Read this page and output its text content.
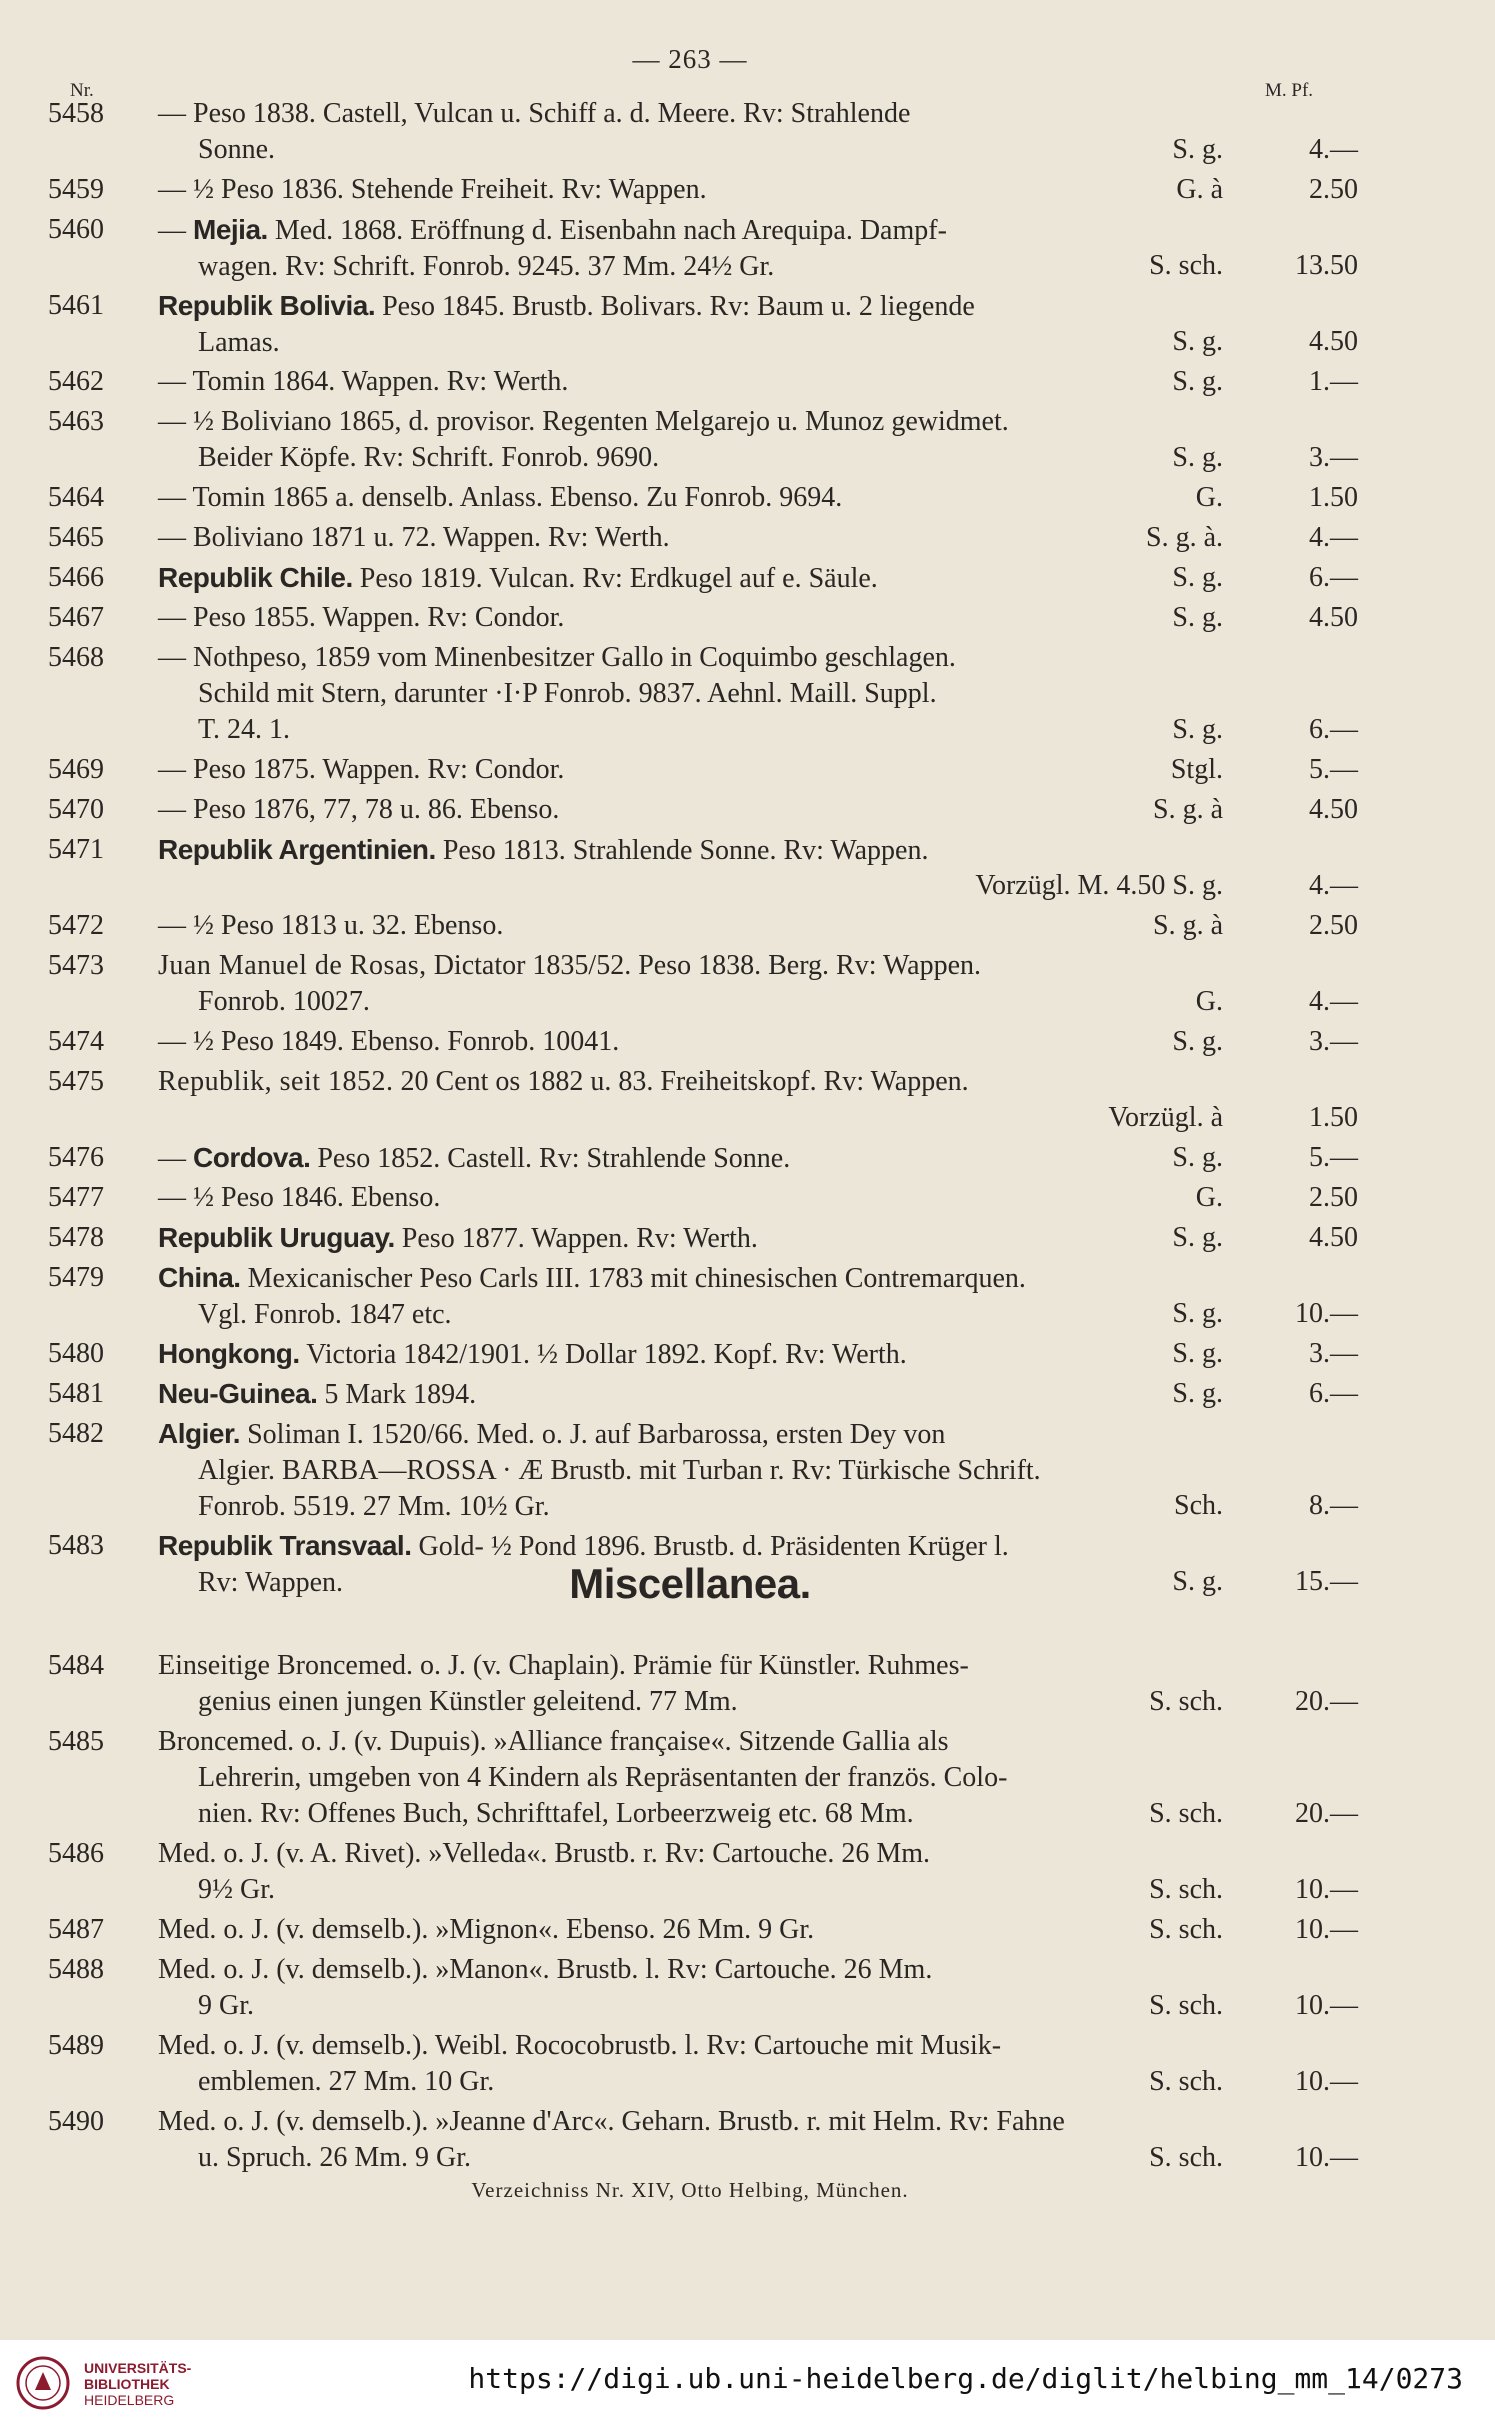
— 263 —
Nr.	M. Pf.
5458	— Peso 1838. Castell, Vulcan u. Schiff a. d. Meere. Rv: Strahlende
Sonne.	S. g.	4.—
5459	— ½ Peso 1836. Stehende Freiheit. Rv: Wappen.	G. à	2.50
5460	— Mejia. Med. 1868. Eröffnung d. Eisenbahn nach Arequipa. Dampf-
wagen. Rv: Schrift. Fonrob. 9245. 37 Mm. 24½ Gr.	S. sch.	13.50
5461	Republik Bolivia. Peso 1845. Brustb. Bolivars. Rv: Baum u. 2 liegende
Lamas.	S. g.	4.50
5462	— Tomin 1864. Wappen. Rv: Werth.	S. g.	1.—
5463	— ½ Boliviano 1865, d. provisor. Regenten Melgarejo u. Munoz gewidmet.
Beider Köpfe. Rv: Schrift. Fonrob. 9690.	S. g.	3.—
5464	— Tomin 1865 a. denselb. Anlass. Ebenso. Zu Fonrob. 9694.	G.	1.50
5465	— Boliviano 1871 u. 72. Wappen. Rv: Werth.	S. g. à.	4.—
5466	Republik Chile. Peso 1819. Vulcan. Rv: Erdkugel auf e. Säule.	S. g.	6.—
5467	— Peso 1855. Wappen. Rv: Condor.	S. g.	4.50
5468	— Nothpeso, 1859 vom Minenbesitzer Gallo in Coquimbo geschlagen.
Schild mit Stern, darunter ·I·P Fonrob. 9837. Aehnl. Maill. Suppl.
T. 24. 1.	S. g.	6.—
5469	— Peso 1875. Wappen. Rv: Condor.	Stgl.	5.—
5470	— Peso 1876, 77, 78 u. 86. Ebenso.	S. g. à	4.50
5471	Republik Argentinien. Peso 1813. Strahlende Sonne. Rv: Wappen.
Vorzügl. M. 4.50 S. g.	4.—
5472	— ½ Peso 1813 u. 32. Ebenso.	S. g. à	2.50
5473	Juan Manuel de Rosas, Dictator 1835/52. Peso 1838. Berg. Rv: Wappen.
Fonrob. 10027.	G.	4.—
5474	— ½ Peso 1849. Ebenso. Fonrob. 10041.	S. g.	3.—
5475	Republik, seit 1852. 20 Cent os 1882 u. 83. Freiheitskopf. Rv: Wappen.
Vorzügl. à	1.50
5476	— Cordova. Peso 1852. Castell. Rv: Strahlende Sonne.	S. g.	5.—
5477	— ½ Peso 1846. Ebenso.	G.	2.50
5478	Republik Uruguay. Peso 1877. Wappen. Rv: Werth.	S. g.	4.50
5479	China. Mexicanischer Peso Carls III. 1783 mit chinesischen Contremarquen.
Vgl. Fonrob. 1847 etc.	S. g.	10.—
5480	Hongkong. Victoria 1842/1901. ½ Dollar 1892. Kopf. Rv: Werth.	S. g.	3.—
5481	Neu-Guinea. 5 Mark 1894.	S. g.	6.—
5482	Algier. Soliman I. 1520/66. Med. o. J. auf Barbarossa, ersten Dey von
Algier. BARBA—ROSSA · Æ Brustb. mit Turban r. Rv: Türkische Schrift.
Fonrob. 5519. 27 Mm. 10½ Gr.	Sch.	8.—
5483	Republik Transvaal. Gold- ½ Pond 1896. Brustb. d. Präsidenten Krüger l.
Rv: Wappen.	S. g.	15.—
5484	Einseitige Broncemed. o. J. (v. Chaplain). Prämie für Künstler. Ruhmes-
genius einen jungen Künstler geleitend. 77 Mm.	S. sch.	20.—
5485	Broncemed. o. J. (v. Dupuis). »Alliance française«. Sitzende Gallia als
Lehrerin, umgeben von 4 Kindern als Repräsentanten der französ. Colo-
nien. Rv: Offenes Buch, Schrifttafel, Lorbeerzweig etc. 68 Mm.	S. sch.	20.—
5486	Med. o. J. (v. A. Rivet). »Velleda«. Brustb. r. Rv: Cartouche. 26 Mm.
9½ Gr.	S. sch.	10.—
5487	Med. o. J. (v. demselb.). »Mignon«. Ebenso. 26 Mm. 9 Gr.	S. sch.	10.—
5488	Med. o. J. (v. demselb.). »Manon«. Brustb. l. Rv: Cartouche. 26 Mm.
9 Gr.	S. sch.	10.—
5489	Med. o. J. (v. demselb.). Weibl. Rococobrustb. l. Rv: Cartouche mit Musik-
emblemen. 27 Mm. 10 Gr.	S. sch.	10.—
5490	Med. o. J. (v. demselb.). »Jeanne d'Arc«. Geharn. Brustb. r. mit Helm. Rv: Fahne
u. Spruch. 26 Mm. 9 Gr.	S. sch.	10.—
Miscellanea.
Verzeichniss Nr. XIV, Otto Helbing, München.
UNIVERSITÄTS-
BIBLIOTHEK
HEIDELBERG
https://digi.ub.uni-heidelberg.de/diglit/helbing_mm_14/0273
